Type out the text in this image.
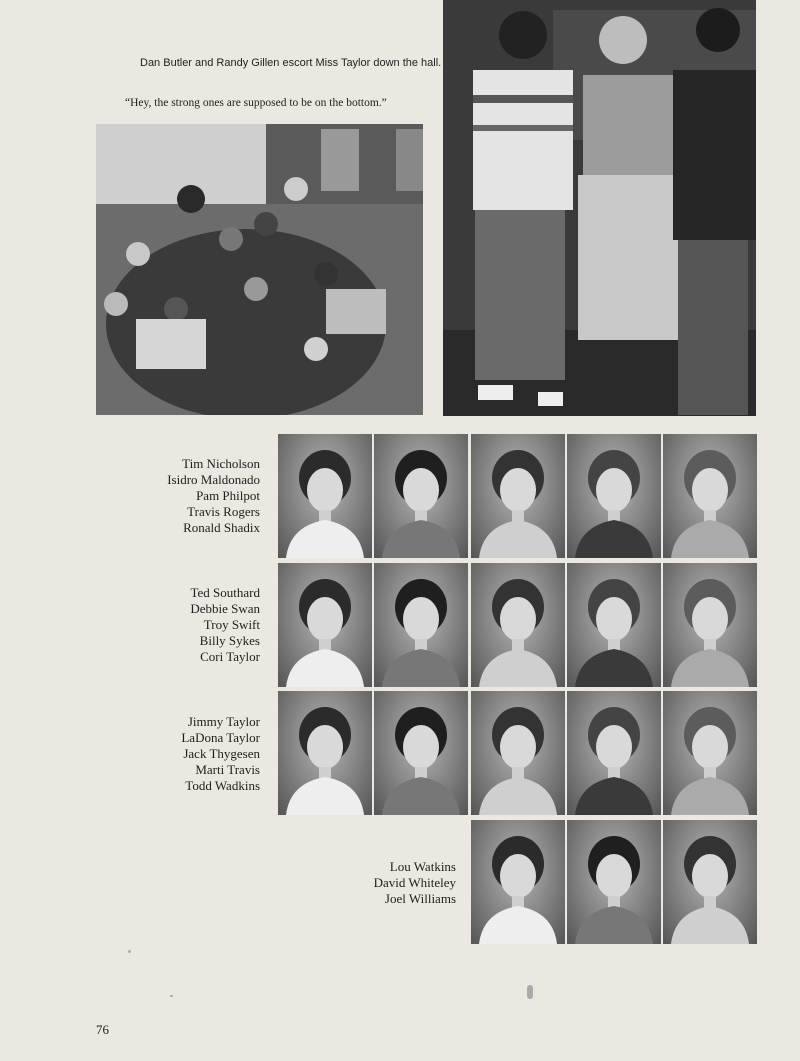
Dan Butler and Randy Gillen escort Miss Taylor down the hall.
“Hey, the strong ones are supposed to be on the bottom.”
Tim Nicholson
Isidro Maldonado
Pam Philpot
Travis Rogers
Ronald Shadix
Ted Southard
Debbie Swan
Troy Swift
Billy Sykes
Cori Taylor
Jimmy Taylor
LaDona Taylor
Jack Thygesen
Marti Travis
Todd Wadkins
Lou Watkins
David Whiteley
Joel Williams
76
